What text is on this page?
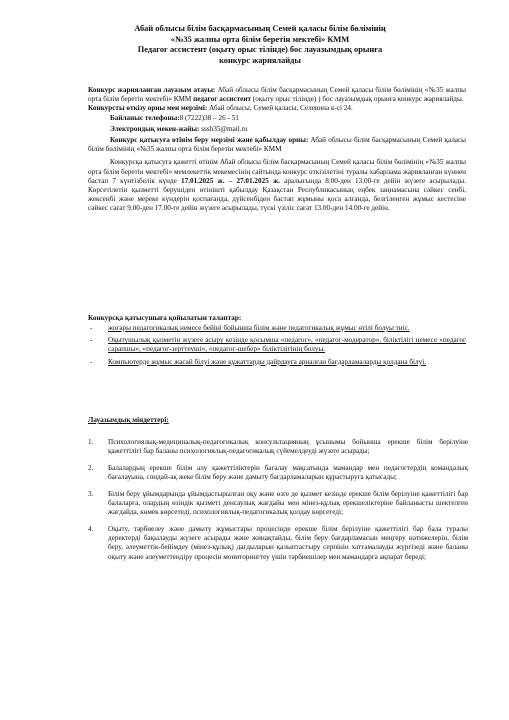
Абай облысы білім басқармасының Семей қаласы білім бөлімінің
«№35 жалпы орта білім беретін мектебі» КММ
Педагог ассистент (оқыту орыс тілінде) бос лауазымдық орынға
конкурс жариялайды

Конкурс жарияланған лауазым атауы: Абай облысы білім басқармасының Семей қаласы білім бөлімінің «№35 жалпы орта білім беретін мектебі» КММ педагог ассистент (оқыту орыс тілінде) ) бос лауазымдық орынға конкурс жариялайды.

Конкурсты өткізу орны мен мерзімі: Абай облысы, Семей қаласы, Селевина к-сі 24.

Байланыс телефоны:8 (7222)38 – 26 - 51

Электрондық мекен-жайы: sssh35@mail.ru

Конкурс қатысуға өтінім беру мерзімі және қабылдау орны: Абай облысы білім басқармасының Семей қаласы білім бөлімінің «№35 жалпы орта білім беретін мектебі» КММ

Конкурсқа қатысуға қажетті өтінім Абай облысы білім басқармасының Семей қаласы білім бөлімінің «№35 жалпы орта білім беретін мектебі» мемлекеттік мекемесінің сайтында конкурс өткізілетіні туралы хабарлама жарияланған күннен бастап 7 күнтізбелік күнде 17.01.2025 ж. – 27.01.2025 ж. аралығында 8.00-ден 13.00-ге дейін жүзеге асырылады. Көрсетілетін қызметті берушіден өтінішті қабылдау Қазақстан Республикасының еңбек заңнамасына сәйкес сенбі, жексенбі және мереке күндерін қоспағанда, дүйсенбіден бастап жұмыны қоса алғанда, белгіленген жұмыс кестесіне сәйкес сағат 9.00-ден 17.00-ге дейін жүзеге асырылады, түскі үзіліс сағат 13.00-ден 14.00-ге дейін.

Конкурсқа қатысушыға қойылатын талаптар:

- жоғары педагогикалық немесе бейіні бойынша білім және педагогикалық жұмыс өтілі болуы тиіс.
- Оқытушылық қызметін жүзеге асыру кезінде қосымша «педагог», «педагог-модератор», біліктілігі немесе «педагог сарапшы», «педагог-зерттеуші», «педагог-шебер» біліктілігінің болуы.
- Компьютерде жұмыс жасай білуі және құжаттарды дайрлауға арналған бағдарламаларды қолдана білуі.

Лауазымдық міндеттері:

1. Психологиялық-медициналық-педагогикалық консультацияның ұсынымы бойынша ерекше білім берілуіне қажеттілігі бар баланы психологиялық-педагогикалық сүйемелдеуді жүзеге асырады;
2. Балалардың ерекше білім алу қажеттіліктерін бағалау мақсатында мамандар мен педагогтердің командалық бағалауына, сондай-ақ жеке білім беру және дамыту бағдарламаларын құрастыруға қатысады;
3. Білім беру ұйымдарында ұйымдастырылған оқу және өзге де қызмет кезінде ерекше білім берілуіне қажеттілігі бар балаларға, олардың өзіндік қызметі денсаулық жағдайы мен мінез-құлық ерекшеліктеріне байланысты шектелген жағдайда, көмек көрсетеді, психологиялық-педагогикалық қолдау көрсетеді;
4. Оқыту, тәрбиелеу және дамыту жұмыстары процесінде ерекше білім берілуіне қажеттілігі бар бала туралы деректерді бақылауды жүзеге асырады және жинақтайды, білім беру бағдарламасын меңгеру нәтижелерін, білім беру, әлеуметтік-бейімдеу (мінез-құлық) дағдыларын қалыптастыру серпінін хаттамалауды жүргізеді және баланы оқыту және әлеуметтендіру процесін мониторингтеу үшін тәрбиешілер мен мамандарға ақпарат береді;
